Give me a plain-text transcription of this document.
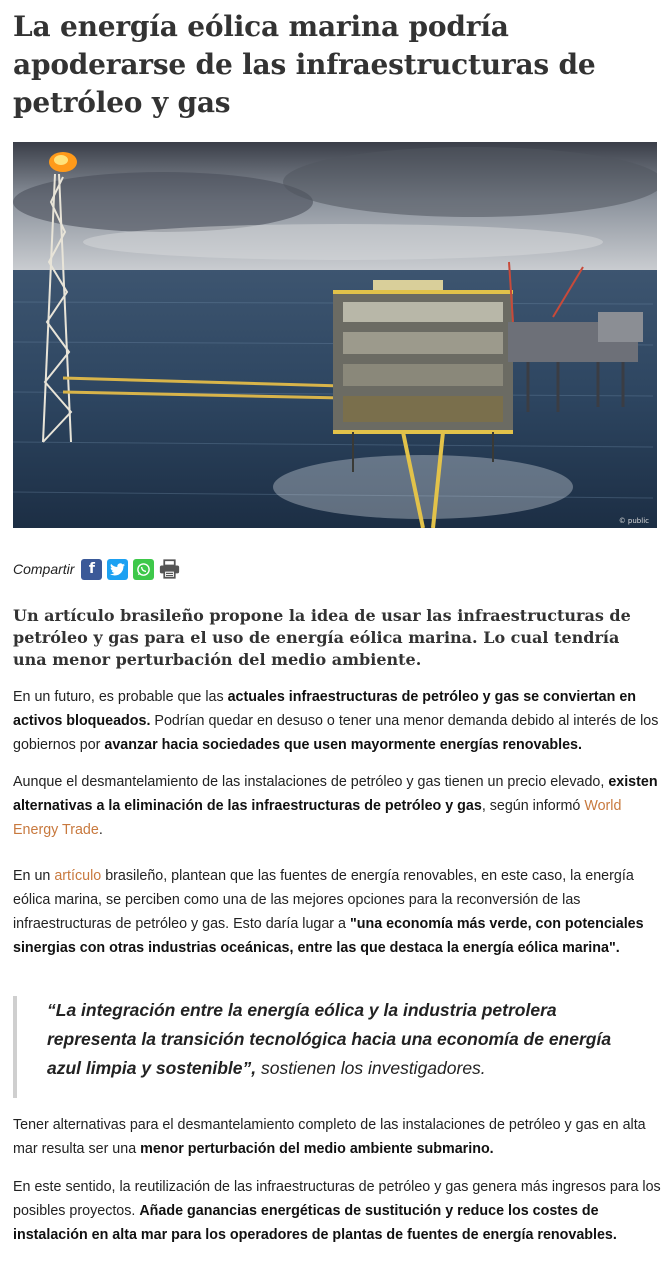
La energía eólica marina podría apoderarse de las infraestructuras de petróleo y gas
© public
Compartir	f

Un artículo brasileño propone la idea de usar las infraestructuras de petróleo y gas para el uso de energía eólica marina. Lo cual tendría una menor perturbación del medio ambiente.

En un futuro, es probable que las actuales infraestructuras de petróleo y gas se conviertan en activos bloqueados. Podrían quedar en desuso o tener una menor demanda debido al interés de los gobiernos por avanzar hacia sociedades que usen mayormente energías renovables.

Aunque el desmantelamiento de las instalaciones de petróleo y gas tienen un precio elevado, existen alternativas a la eliminación de las infraestructuras de petróleo y gas, según informó World Energy Trade.

En un artículo brasileño, plantean que las fuentes de energía renovables, en este caso, la energía eólica marina, se perciben como una de las mejores opciones para la reconversión de las infraestructuras de petróleo y gas. Esto daría lugar a "una economía más verde, con potenciales sinergias con otras industrias oceánicas, entre las que destaca la energía eólica marina".

“La integración entre la energía eólica y la industria petrolera representa la transición tecnológica hacia una economía de energía azul limpia y sostenible”, sostienen los investigadores.

Tener alternativas para el desmantelamiento completo de las instalaciones de petróleo y gas en alta mar resulta ser una menor perturbación del medio ambiente submarino.

En este sentido, la reutilización de las infraestructuras de petróleo y gas genera más ingresos para los posibles proyectos. Añade ganancias energéticas de sustitución y reduce los costes de instalación en alta mar para los operadores de plantas de fuentes de energía renovables.
